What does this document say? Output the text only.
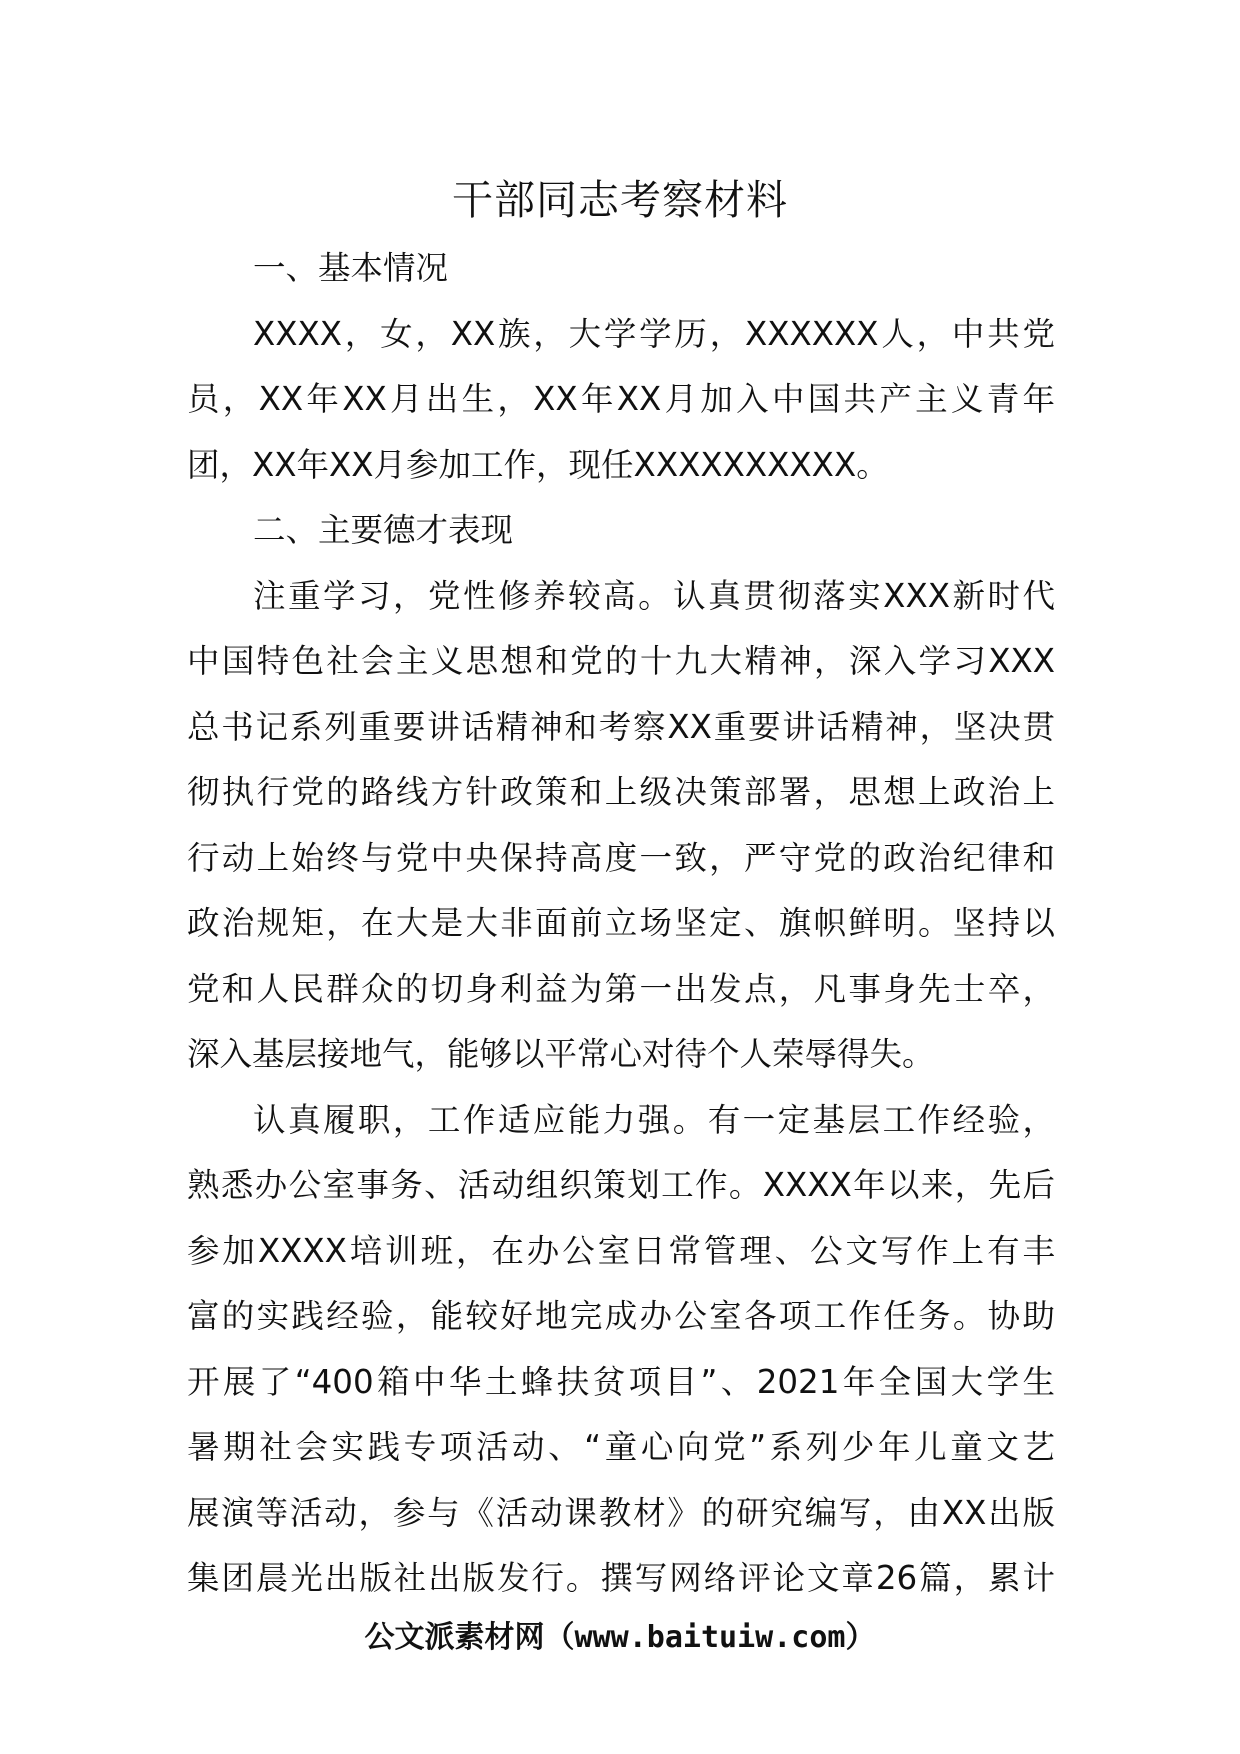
干部同志考察材料

一、基本情况

XXXX，女，XX族，大学学历，XXXXXX人，中共党

员，XX年XX月出生，XX年XX月加入中国共产主义青年

团，XX年XX月参加工作，现任XXXXXXXXXX。

二、主要德才表现

注重学习，党性修养较高。认真贯彻落实XXX新时代

中国特色社会主义思想和党的十九大精神，深入学习XXX

总书记系列重要讲话精神和考察XX重要讲话精神，坚决贯

彻执行党的路线方针政策和上级决策部署，思想上政治上

行动上始终与党中央保持高度一致，严守党的政治纪律和

政治规矩，在大是大非面前立场坚定、旗帜鲜明。坚持以

党和人民群众的切身利益为第一出发点，凡事身先士卒，

深入基层接地气，能够以平常心对待个人荣辱得失。

认真履职，工作适应能力强。有一定基层工作经验，

熟悉办公室事务、活动组织策划工作。XXXX年以来，先后

参加XXXX培训班，在办公室日常管理、公文写作上有丰

富的实践经验，能较好地完成办公室各项工作任务。协助

开展了“400箱中华土蜂扶贫项目”、2021年全国大学生

暑期社会实践专项活动、“童心向党”系列少年儿童文艺

展演等活动，参与《活动课教材》的研究编写，由XX出版

集团晨光出版社出版发行。撰写网络评论文章26篇，累计

公文派素材网（www.baituiw.com）
